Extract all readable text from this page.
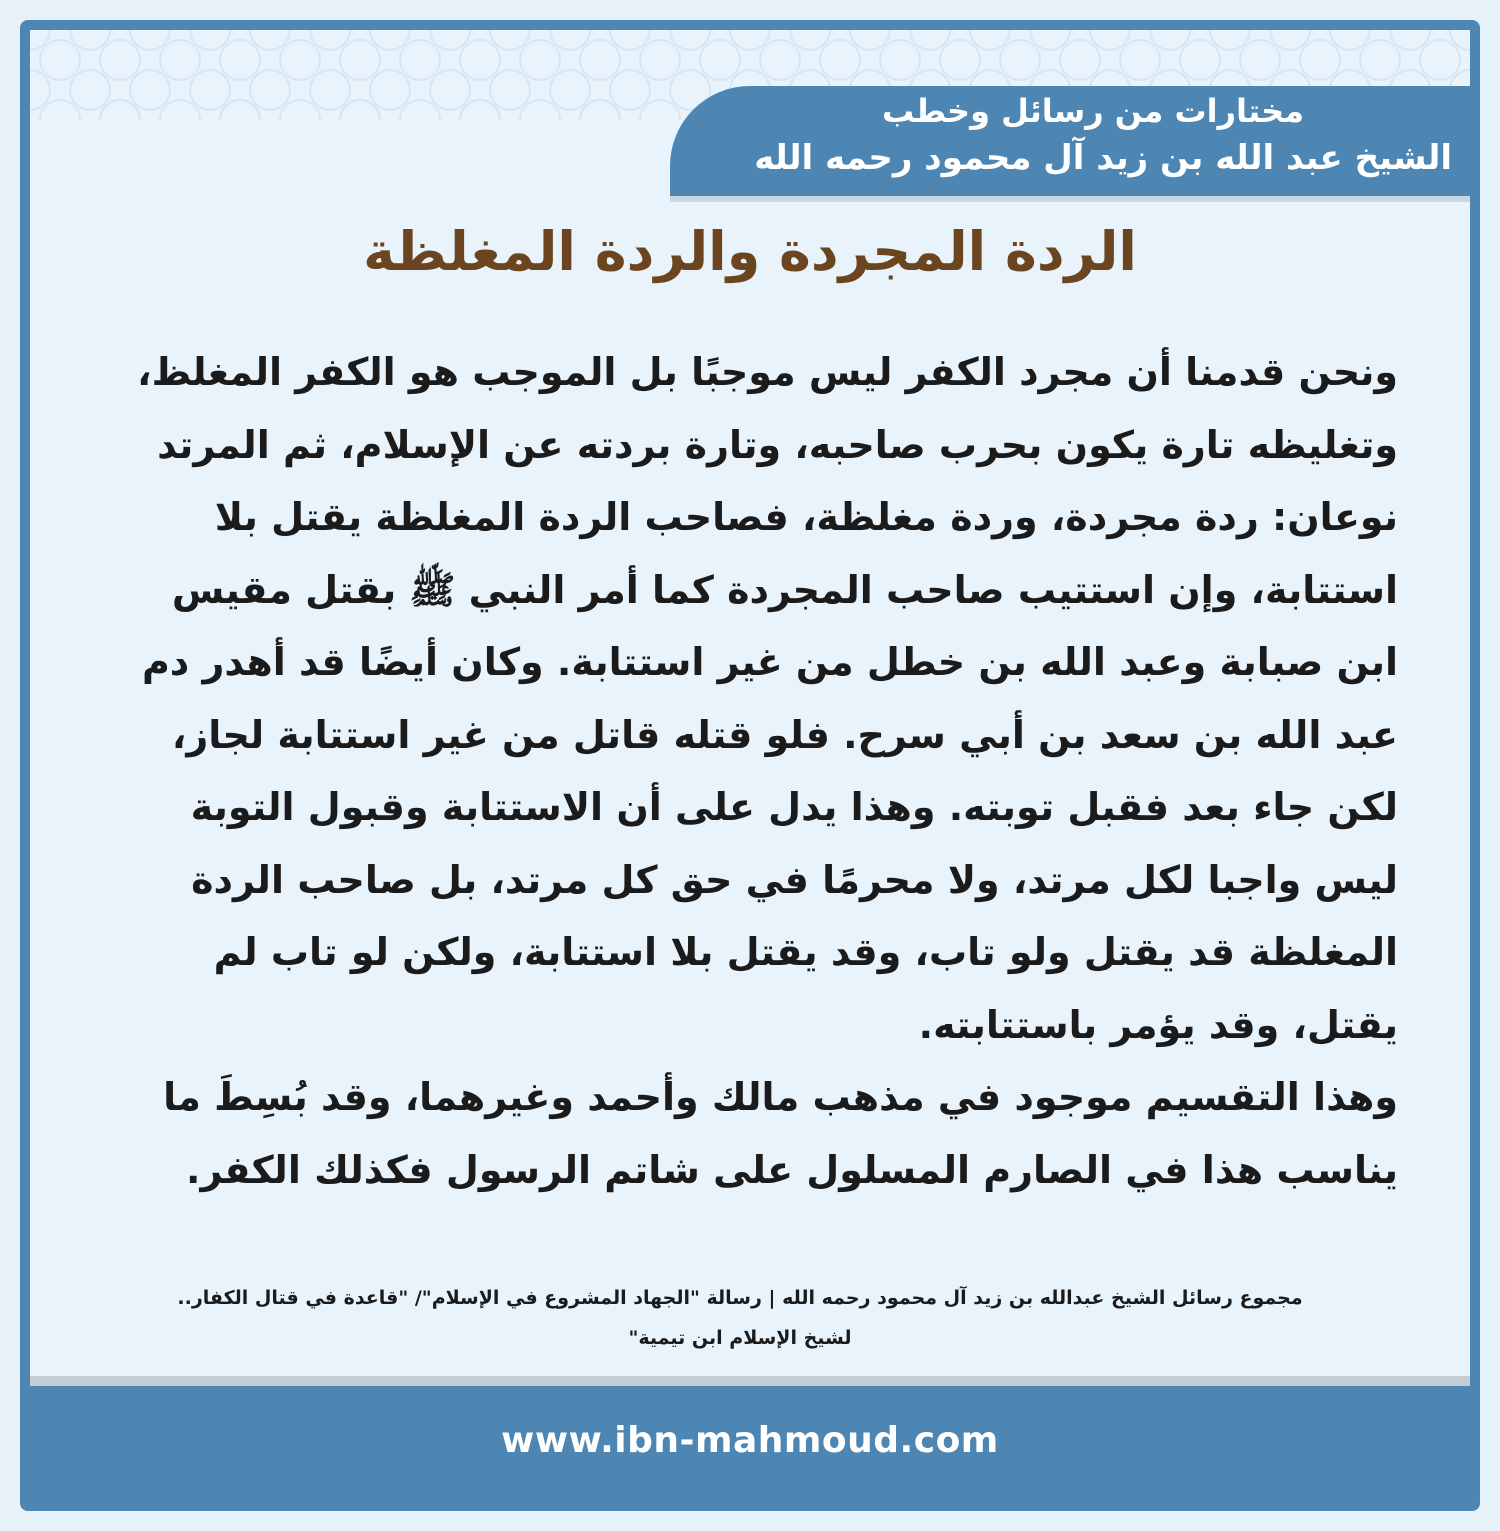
مختارات من رسائل وخطب
الشيخ عبد الله بن زيد آل محمود رحمه الله
الردة المجردة والردة المغلظة

ونحن قدمنا أن مجرد الكفر ليس موجبًا بل الموجب هو الكفر المغلظ، وتغليظه تارة يكون بحرب صاحبه، وتارة بردته عن الإسلام، ثم المرتد نوعان: ردة مجردة، وردة مغلظة، فصاحب الردة المغلظة يقتل بلا استتابة، وإن استتيب صاحب المجردة كما أمر النبي ﷺ بقتل مقيس ابن صبابة وعبد الله بن خطل من غير استتابة. وكان أيضًا قد أهدر دم عبد الله بن سعد بن أبي سرح. فلو قتله قاتل من غير استتابة لجاز، لكن جاء بعد فقبل توبته. وهذا يدل على أن الاستتابة وقبول التوبة ليس واجبا لكل مرتد، ولا محرمًا في حق كل مرتد، بل صاحب الردة المغلظة قد يقتل ولو تاب، وقد يقتل بلا استتابة، ولكن لو تاب لم يقتل، وقد يؤمر باستتابته.

وهذا التقسيم موجود في مذهب مالك وأحمد وغيرهما، وقد بُسِطَ ما يناسب هذا في الصارم المسلول على شاتم الرسول فكذلك الكفر.

مجموع رسائل الشيخ عبدالله بن زيد آل محمود رحمه الله | رسالة "الجهاد المشروع في الإسلام"/ "قاعدة في قتال الكفار..
لشيخ الإسلام ابن تيمية"
www.ibn-mahmoud.com
